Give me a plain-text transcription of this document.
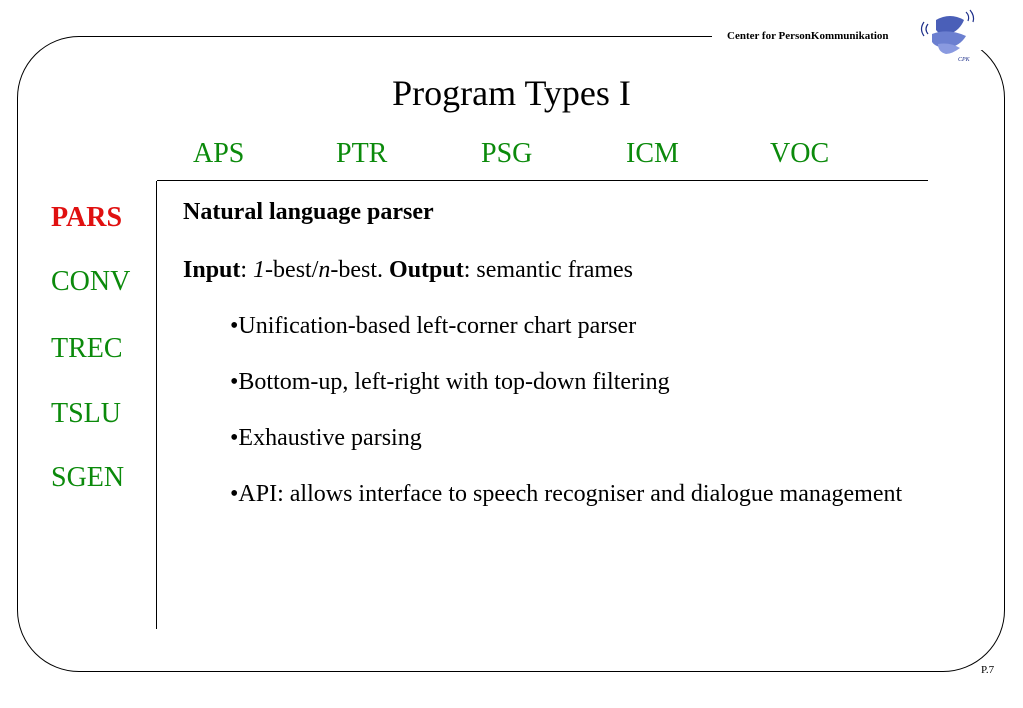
Center for PersonKommunikation
CPK
Program Types I
APS	PTR	PSG	ICM	VOC
PARS
CONV
TREC
TSLU
SGEN

Natural language parser

Input: 1-best/n-best. Output: semantic frames

•Unification-based left-corner chart parser
•Bottom-up, left-right with top-down filtering
•Exhaustive parsing
•API: allows interface to speech recogniser and dialogue management
P.7
